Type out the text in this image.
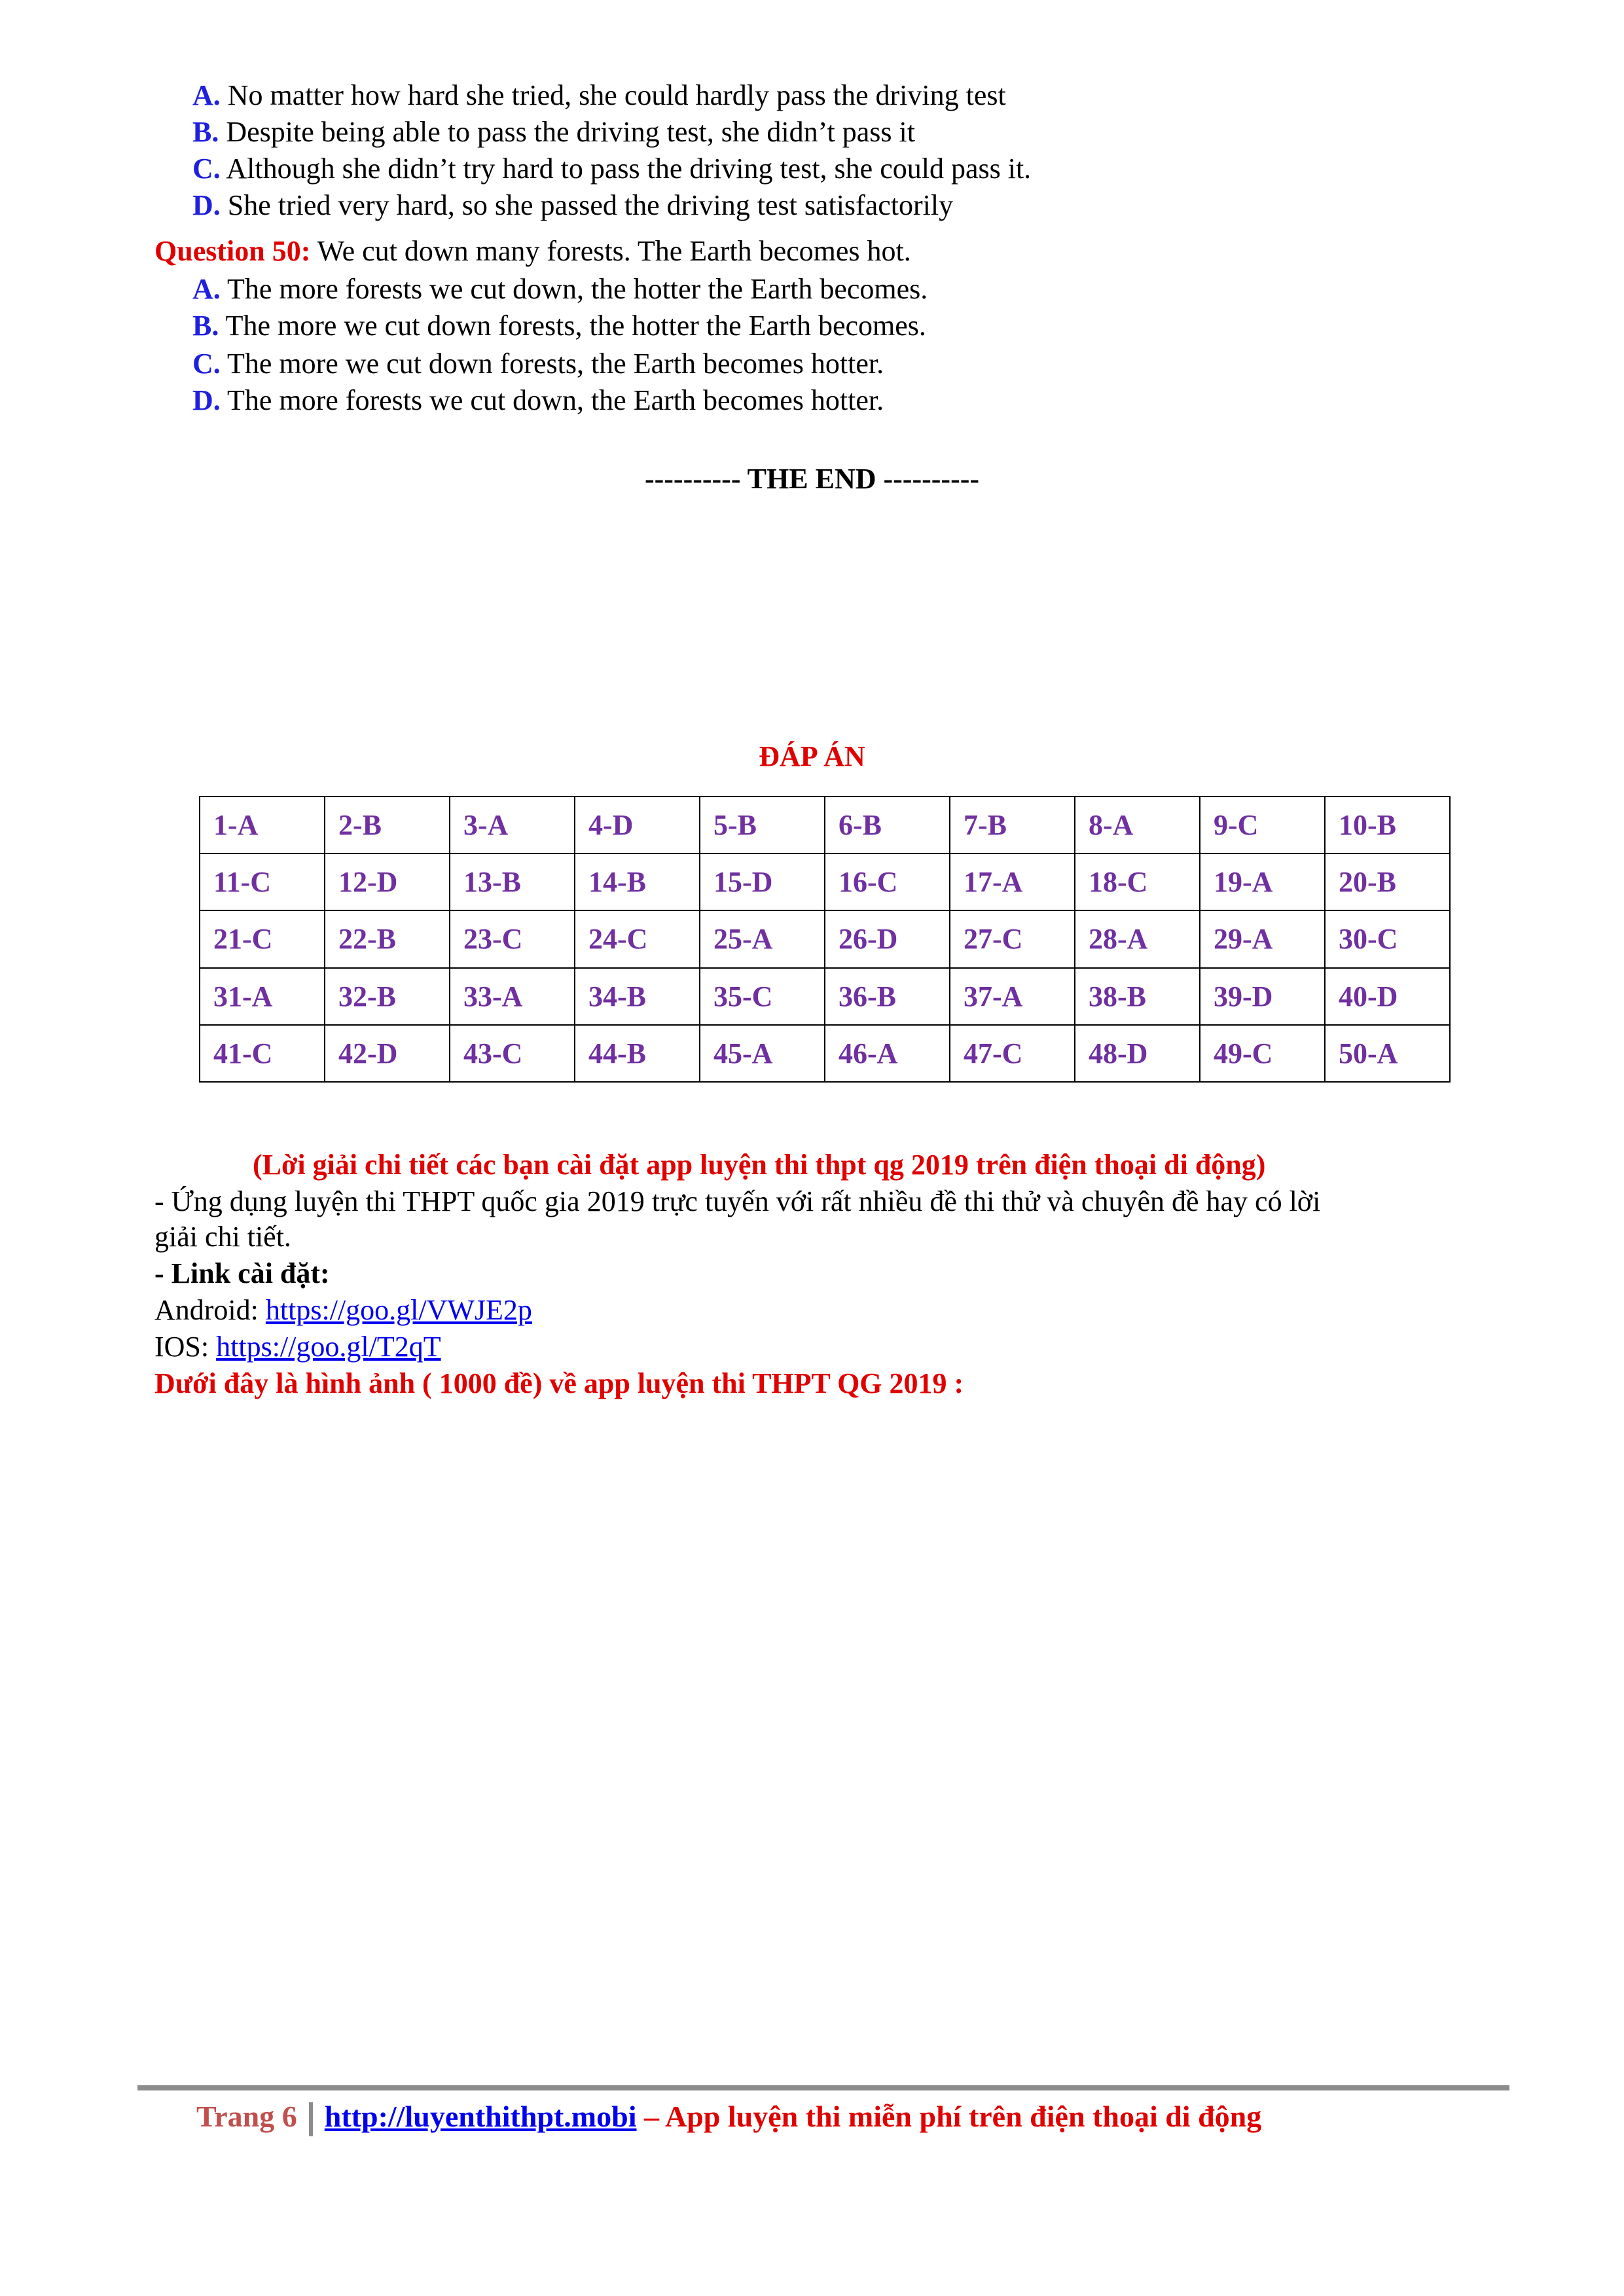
A. No matter how hard she tried, she could hardly pass the driving test
B. Despite being able to pass the driving test, she didn’t pass it
C. Although she didn’t try hard to pass the driving test, she could pass it.
D. She tried very hard, so she passed the driving test satisfactorily
Question 50: We cut down many forests. The Earth becomes hot.
A. The more forests we cut down, the hotter the Earth becomes.
B. The more we cut down forests, the hotter the Earth becomes.
C. The more we cut down forests, the Earth becomes hotter.
D. The more forests we cut down, the Earth becomes hotter.
---------- THE END ----------
ĐÁP ÁN
1-A	2-B	3-A	4-D	5-B	6-B	7-B	8-A	9-C	10-B
11-C	12-D	13-B	14-B	15-D	16-C	17-A	18-C	19-A	20-B
21-C	22-B	23-C	24-C	25-A	26-D	27-C	28-A	29-A	30-C
31-A	32-B	33-A	34-B	35-C	36-B	37-A	38-B	39-D	40-D
41-C	42-D	43-C	44-B	45-A	46-A	47-C	48-D	49-C	50-A
(Lời giải chi tiết các bạn cài đặt app luyện thi thpt qg 2019 trên điện thoại di động)
- Ứng dụng luyện thi THPT quốc gia 2019 trực tuyến với rất nhiều đề thi thử và chuyên đề hay có lời
giải chi tiết.
- Link cài đặt:
Android: https://goo.gl/VWJE2p
IOS: https://goo.gl/T2qT
Dưới đây là hình ảnh ( 1000 đề) về app luyện thi THPT QG 2019 :
Trang 6 http://luyenthithpt.mobi – App luyện thi miễn phí trên điện thoại di động
